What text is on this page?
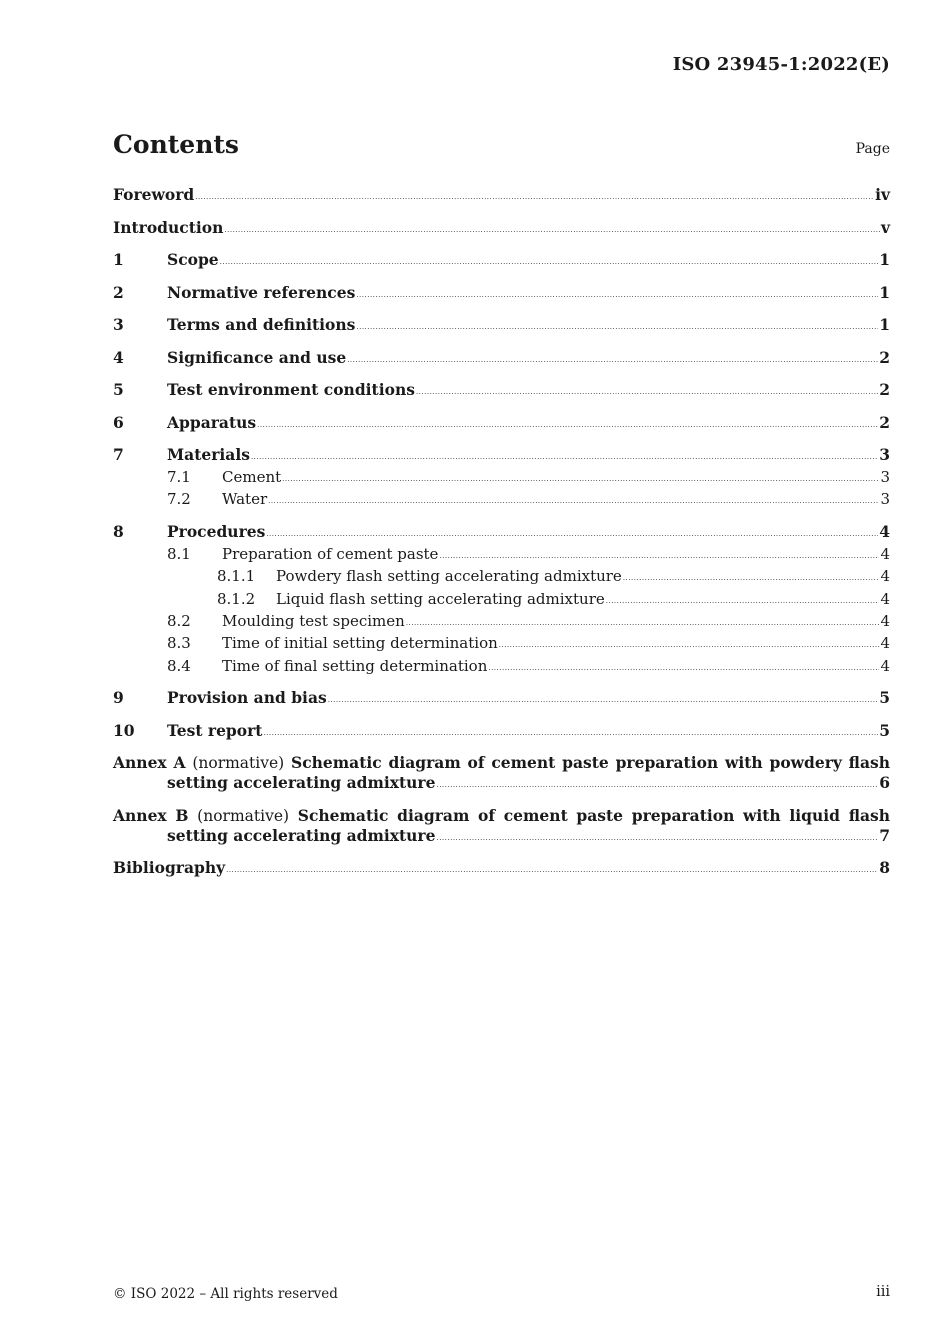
ISO 23945-1:2022(E)
Contents	Page
Foreword .....	iv
Introduction .....	v
1	Scope .....	1
2	Normative references .....	1
3	Terms and definitions .....	1
4	Significance and use .....	2
5	Test environment conditions .....	2
6	Apparatus .....	2
7	Materials .....	3
7.1	Cement .....	3
7.2	Water .....	3
8	Procedures .....	4
8.1	Preparation of cement paste .....	4
8.1.1	Powdery flash setting accelerating admixture .....	4
8.1.2	Liquid flash setting accelerating admixture .....	4
8.2	Moulding test specimen .....	4
8.3	Time of initial setting determination .....	4
8.4	Time of final setting determination .....	4
9	Provision and bias .....	5
10	Test report .....	5
Annex A (normative) Schematic diagram of cement paste preparation with powdery flash
setting accelerating admixture .....	6
Annex B (normative) Schematic diagram of cement paste preparation with liquid flash
setting accelerating admixture .....	7
Bibliography .....	8
© ISO 2022 – All rights reserved	iii
